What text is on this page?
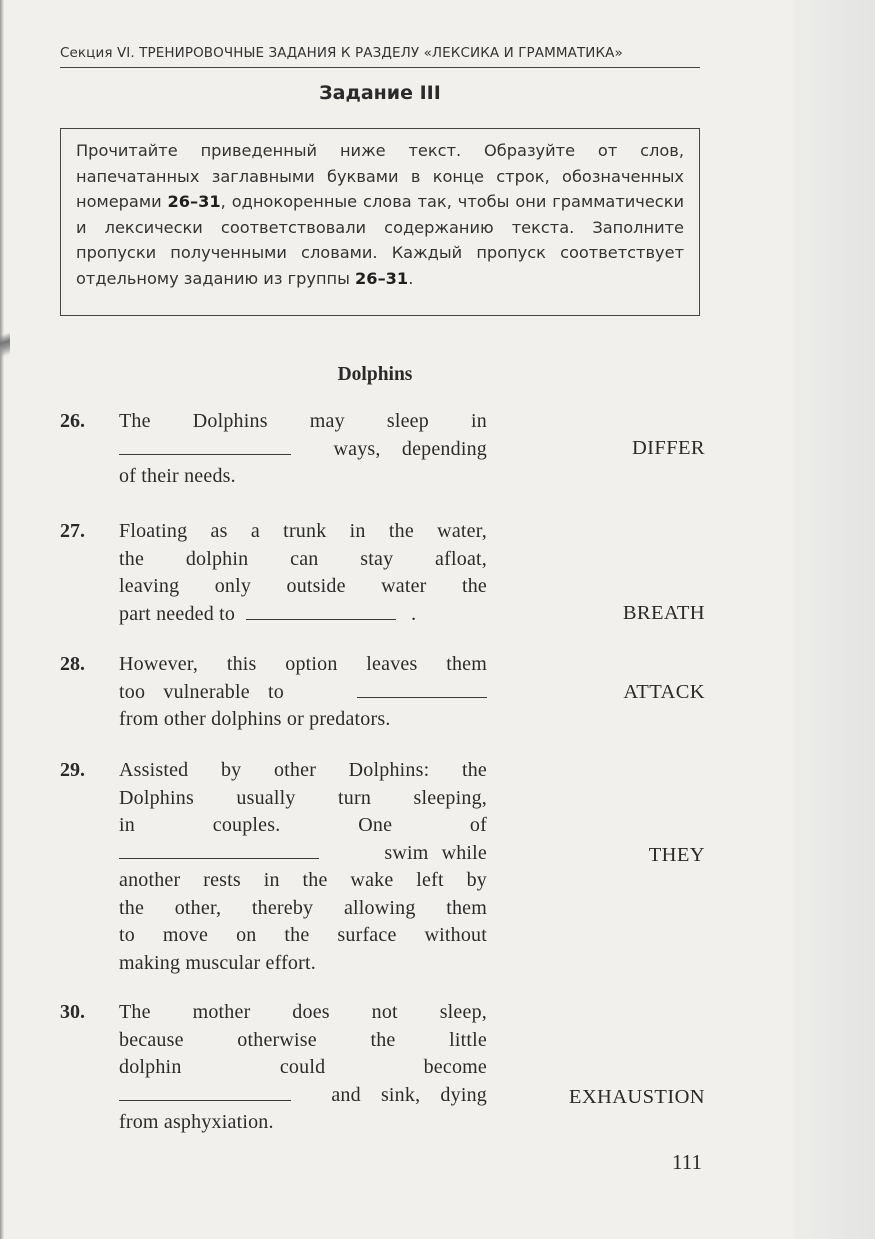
Секция VI. ТРЕНИРОВОЧНЫЕ ЗАДАНИЯ К РАЗДЕЛУ «ЛЕКСИКА И ГРАММАТИКА»
Задание III
Прочитайте приведенный ниже текст. Образуйте от слов, напечатанных заглавными буквами в конце строк, обозначенных номерами 26–31, однокоренные слова так, чтобы они грамматически и лексически соответствовали содержанию текста. Заполните пропуски полученными словами. Каждый пропуск соответствует отдельному заданию из группы 26–31.
Dolphins
26. The Dolphins may sleep in
ways, depending
of their needs.
DIFFER
27. Floating as a trunk in the water,
the dolphin can stay afloat,
leaving only outside water the
part needed to	.	BREATH
28. However, this option leaves them
too vulnerable to
from other dolphins or predators.
ATTACK
29. Assisted by other Dolphins: the
Dolphins usually turn sleeping,
in couples. One of
swim while
another rests in the wake left by
the other, thereby allowing them
to move on the surface without
making muscular effort.
THEY
30. The mother does not sleep,
because otherwise the little
dolphin could become
and sink, dying
from asphyxiation.
EXHAUSTION
111
